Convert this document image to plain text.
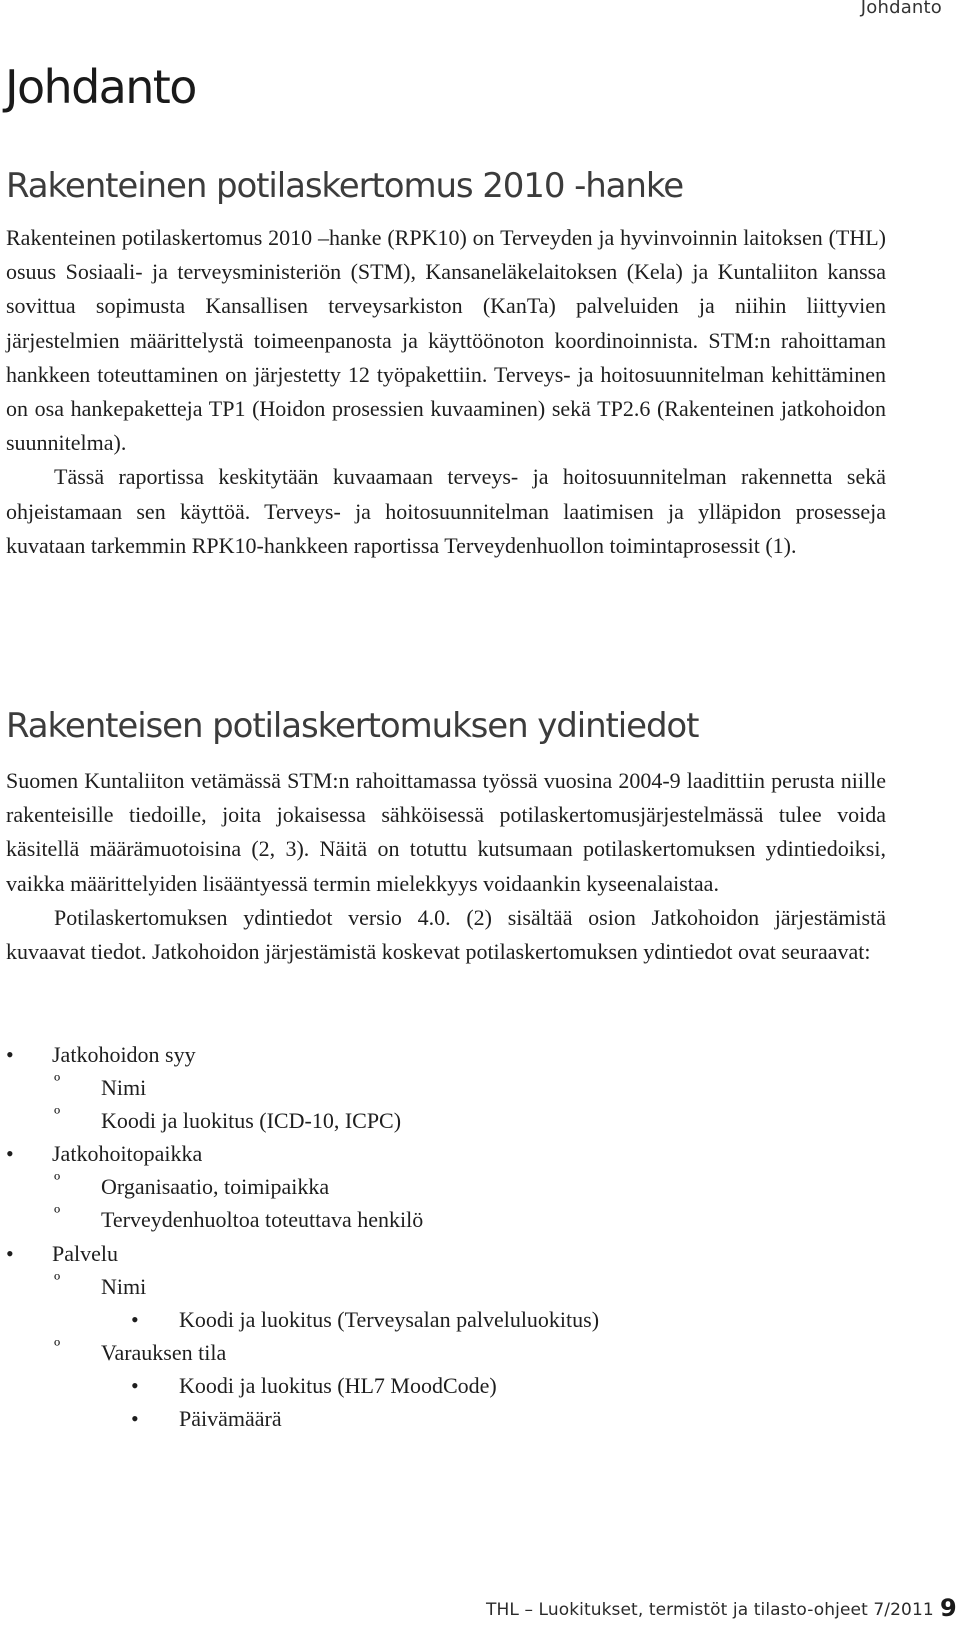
Johdanto
Johdanto
Rakenteinen potilaskertomus 2010 -hanke

Rakenteinen potilaskertomus 2010 –hanke (RPK10) on Terveyden ja hyvinvoinnin laitoksen (THL) osuus Sosiaali- ja terveysministeriön (STM), Kansaneläkelaitoksen (Kela) ja Kuntaliiton kanssa sovittua sopimusta Kansallisen terveysarkiston (KanTa) palveluiden ja niihin liittyvien järjestelmien määrittelystä toimeenpanosta ja käyttöönoton koordinoinnista. STM:n rahoittaman hankkeen toteuttaminen on järjestetty 12 työpakettiin. Terveys- ja hoitosuunnitelman kehittäminen on osa hankepaketteja TP1 (Hoidon prosessien kuvaaminen) sekä TP2.6 (Rakenteinen jatkohoidon suunnitelma).

Tässä raportissa keskitytään kuvaamaan terveys- ja hoitosuunnitelman rakennetta sekä ohjeistamaan sen käyttöä. Terveys- ja hoitosuunnitelman laatimisen ja ylläpidon prosesseja kuvataan tarkemmin RPK10-hankkeen raportissa Terveydenhuollon toimintaprosessit (1).

Rakenteisen potilaskertomuksen ydintiedot

Suomen Kuntaliiton vetämässä STM:n rahoittamassa työssä vuosina 2004-9 laadittiin perusta niille rakenteisille tiedoille, joita jokaisessa sähköisessä potilaskertomusjärjestelmässä tulee voida käsitellä määrämuotoisina (2, 3). Näitä on totuttu kutsumaan potilaskertomuksen ydintiedoiksi, vaikka määrittelyiden lisääntyessä termin mielekkyys voidaankin kyseenalaistaa.

Potilaskertomuksen ydintiedot versio 4.0. (2) sisältää osion Jatkohoidon järjestämistä kuvaavat tiedot. Jatkohoidon järjestämistä koskevat potilaskertomuksen ydintiedot ovat seuraavat:

• Jatkohoidon syy
º Nimi
º Koodi ja luokitus (ICD-10, ICPC)
• Jatkohoitopaikka
º Organisaatio, toimipaikka
º Terveydenhuoltoa toteuttava henkilö
• Palvelu
º Nimi
• Koodi ja luokitus (Terveysalan palveluluokitus)
º Varauksen tila
• Koodi ja luokitus (HL7 MoodCode)
• Päivämäärä
THL – Luokitukset, termistöt ja tilasto-ohjeet 7/2011 9
